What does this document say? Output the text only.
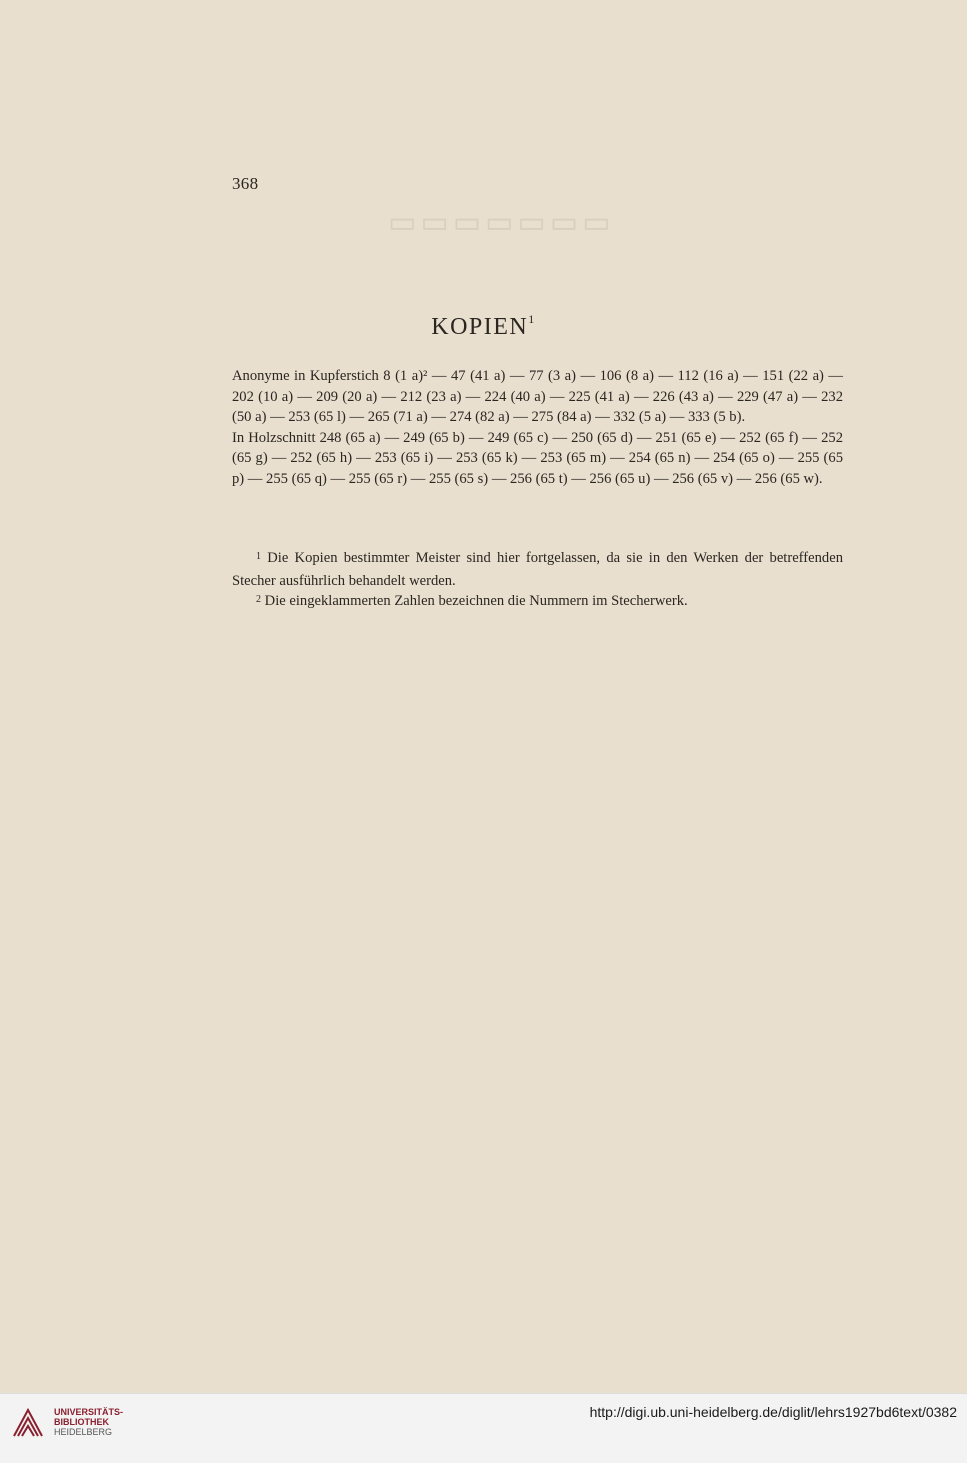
▭▭▭▭▭▭▭
368
KOPIEN$^1$

Anonyme in Kupferstich 8 (1 a)² — 47 (41 a) — 77 (3 a) — 106 (8 a) — 112 (16 a) — 151 (22 a) — 202 (10 a) — 209 (20 a) — 212 (23 a) — 224 (40 a) — 225 (41 a) — 226 (43 a) — 229 (47 a) — 232 (50 a) — 253 (65 l) — 265 (71 a) — 274 (82 a) — 275 (84 a) — 332 (5 a) — 333 (5 b).

In Holzschnitt 248 (65 a) — 249 (65 b) — 249 (65 c) — 250 (65 d) — 251 (65 e) — 252 (65 f) — 252 (65 g) — 252 (65 h) — 253 (65 i) — 253 (65 k) — 253 (65 m) — 254 (65 n) — 254 (65 o) — 255 (65 p) — 255 (65 q) — 255 (65 r) — 255 (65 s) — 256 (65 t) — 256 (65 u) — 256 (65 v) — 256 (65 w).

$^1$ Die Kopien bestimmter Meister sind hier fortgelassen, da sie in den Werken der betreffenden Stecher ausführlich behandelt werden.

$^2$ Die eingeklammerten Zahlen bezeichnen die Nummern im Stecherwerk.

UNIVERSITÄTS-
BIBLIOTHEK
HEIDELBERG
http://digi.ub.uni-heidelberg.de/diglit/lehrs1927bd6text/0382
